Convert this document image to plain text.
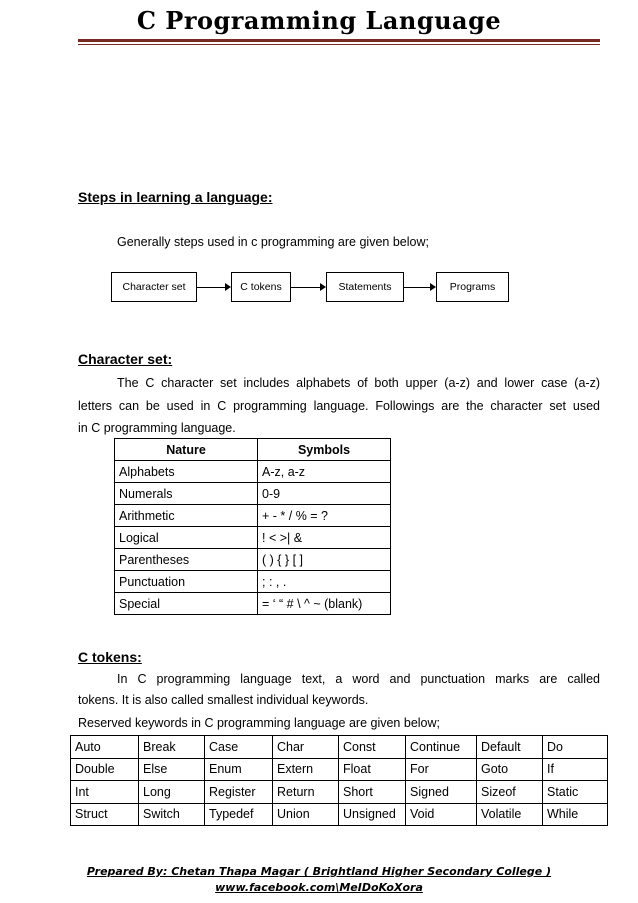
C Programming Language
Steps in learning a language:
Generally steps used in c programming are given below;
Character set	C tokens	Statements	Programs
Character set:
The C character set includes alphabets of both upper (a-z) and lower case (a-z)
letters can be used in C programming language. Followings are the character set used
in C programming language.
Nature	Symbols
Alphabets	A-z, a-z
Numerals	0-9
Arithmetic	+ - * / % = ?
Logical	! < >| &
Parentheses	( ) { } [ ]
Punctuation	; : , .
Special	= ‘ “ # \ ^ ~ (blank)
C tokens:
In C programming language text, a word and punctuation marks are called
tokens. It is also called smallest individual keywords.
Reserved keywords in C programming language are given below;
Auto	Break	Case	Char	Const	Continue	Default	Do
Double	Else	Enum	Extern	Float	For	Goto	If
Int	Long	Register	Return	Short	Signed	Sizeof	Static
Struct	Switch	Typedef	Union	Unsigned	Void	Volatile	While
Prepared By: Chetan Thapa Magar ( Brightland Higher Secondary College )
www.facebook.com\MeIDoKoXora
